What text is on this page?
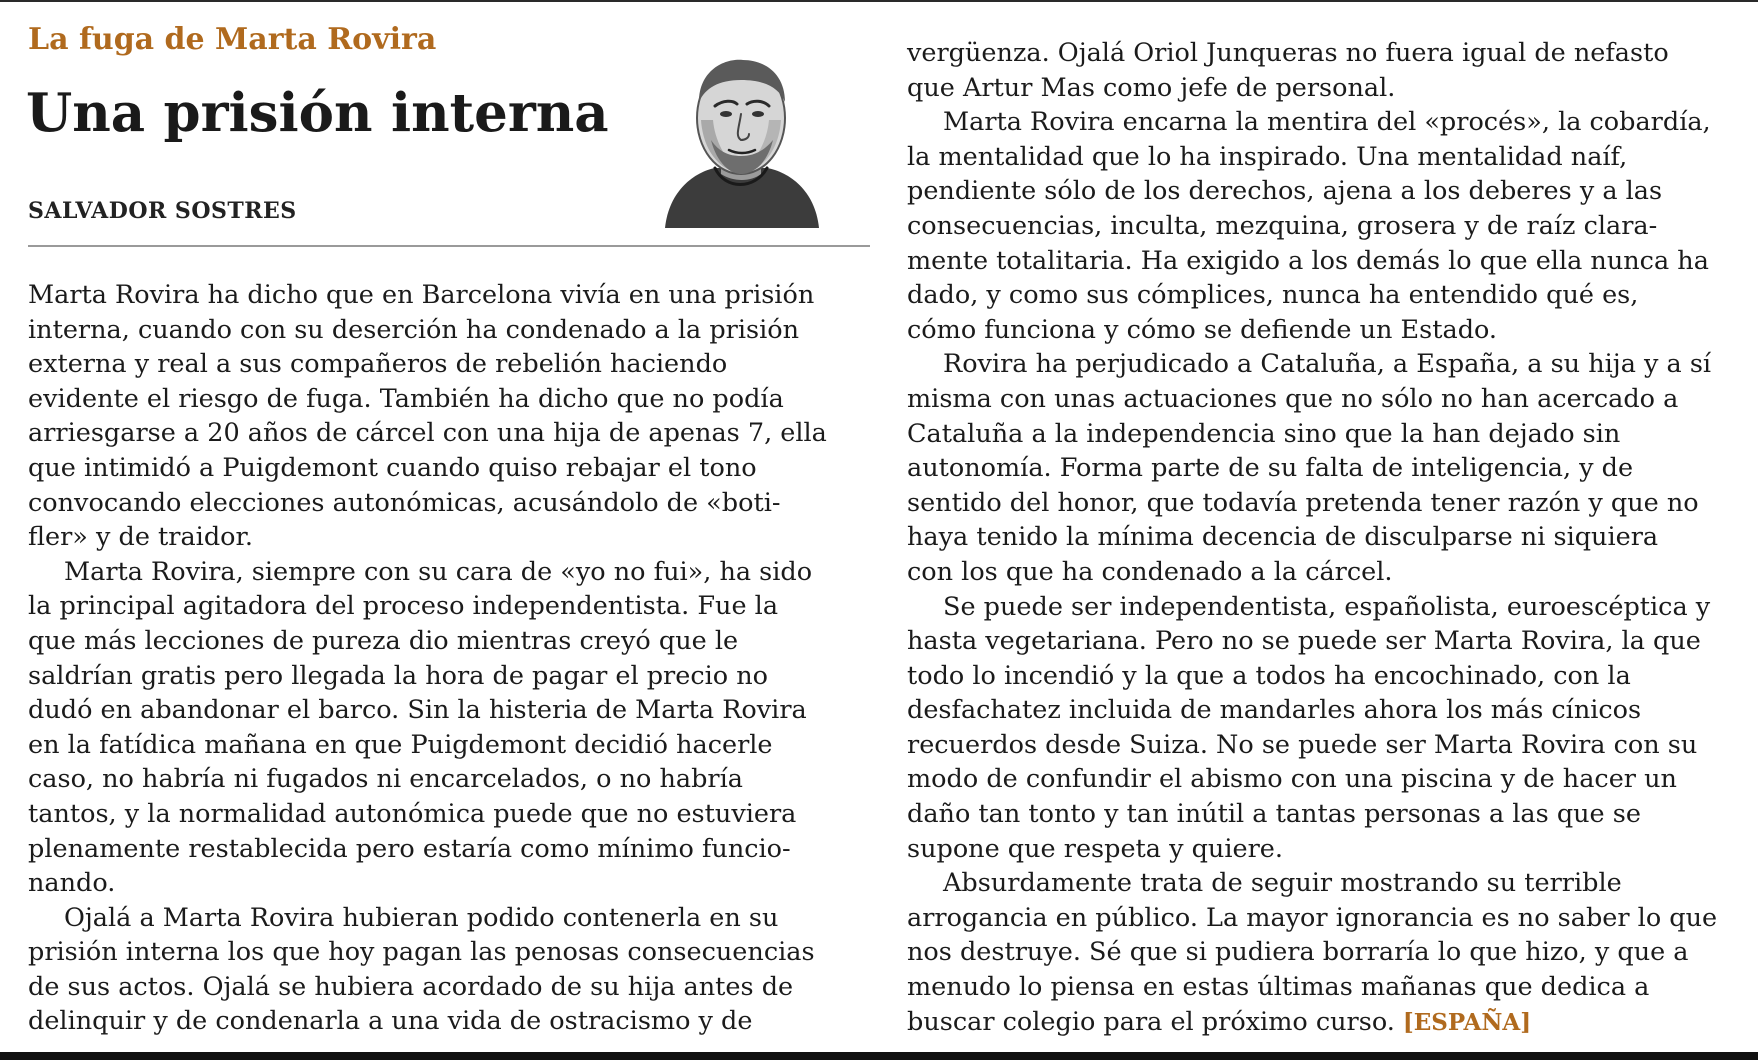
La fuga de Marta Rovira
Una prisión interna
SALVADOR SOSTRES
Marta Rovira ha dicho que en Barcelona vivía en una prisión
interna, cuando con su deserción ha condenado a la prisión
externa y real a sus compañeros de rebelión haciendo
evidente el riesgo de fuga. También ha dicho que no podía
arriesgarse a 20 años de cárcel con una hija de apenas 7, ella
que intimidó a Puigdemont cuando quiso rebajar el tono
convocando elecciones autonómicas, acusándolo de «boti-
fler» y de traidor.
Marta Rovira, siempre con su cara de «yo no fui», ha sido
la principal agitadora del proceso independentista. Fue la
que más lecciones de pureza dio mientras creyó que le
saldrían gratis pero llegada la hora de pagar el precio no
dudó en abandonar el barco. Sin la histeria de Marta Rovira
en la fatídica mañana en que Puigdemont decidió hacerle
caso, no habría ni fugados ni encarcelados, o no habría
tantos, y la normalidad autonómica puede que no estuviera
plenamente restablecida pero estaría como mínimo funcio-
nando.
Ojalá a Marta Rovira hubieran podido contenerla en su
prisión interna los que hoy pagan las penosas consecuencias
de sus actos. Ojalá se hubiera acordado de su hija antes de
delinquir y de condenarla a una vida de ostracismo y de
vergüenza. Ojalá Oriol Junqueras no fuera igual de nefasto
que Artur Mas como jefe de personal.
Marta Rovira encarna la mentira del «procés», la cobardía,
la mentalidad que lo ha inspirado. Una mentalidad naíf,
pendiente sólo de los derechos, ajena a los deberes y a las
consecuencias, inculta, mezquina, grosera y de raíz clara-
mente totalitaria. Ha exigido a los demás lo que ella nunca ha
dado, y como sus cómplices, nunca ha entendido qué es,
cómo funciona y cómo se defiende un Estado.
Rovira ha perjudicado a Cataluña, a España, a su hija y a sí
misma con unas actuaciones que no sólo no han acercado a
Cataluña a la independencia sino que la han dejado sin
autonomía. Forma parte de su falta de inteligencia, y de
sentido del honor, que todavía pretenda tener razón y que no
haya tenido la mínima decencia de disculparse ni siquiera
con los que ha condenado a la cárcel.
Se puede ser independentista, españolista, euroescéptica y
hasta vegetariana. Pero no se puede ser Marta Rovira, la que
todo lo incendió y la que a todos ha encochinado, con la
desfachatez incluida de mandarles ahora los más cínicos
recuerdos desde Suiza. No se puede ser Marta Rovira con su
modo de confundir el abismo con una piscina y de hacer un
daño tan tonto y tan inútil a tantas personas a las que se
supone que respeta y quiere.
Absurdamente trata de seguir mostrando su terrible
arrogancia en público. La mayor ignorancia es no saber lo que
nos destruye. Sé que si pudiera borraría lo que hizo, y que a
menudo lo piensa en estas últimas mañanas que dedica a
buscar colegio para el próximo curso. [ESPAÑA]
